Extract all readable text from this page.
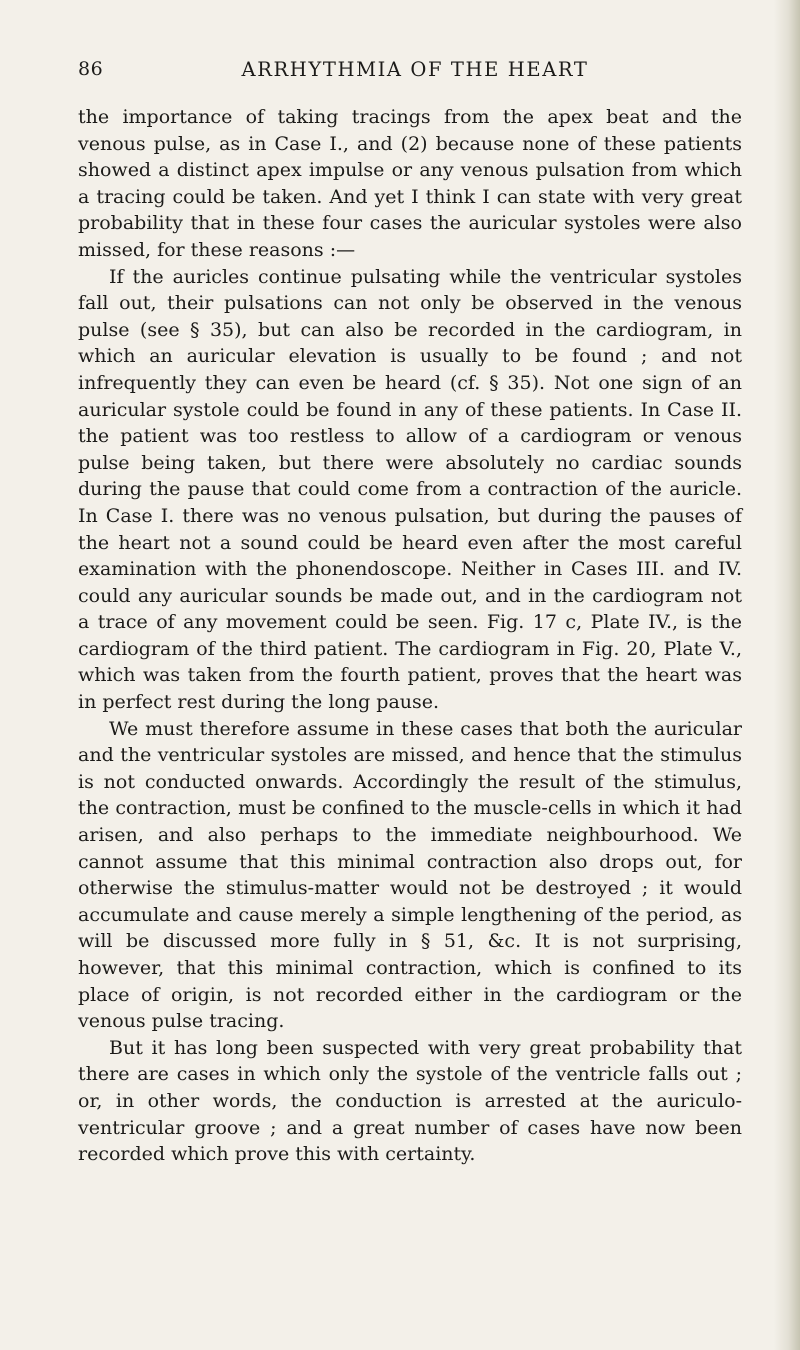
86	ARRHYTHMIA OF THE HEART

the importance of taking tracings from the apex beat and the venous pulse, as in Case I., and (2) because none of these patients showed a distinct apex impulse or any venous pulsation from which a tracing could be taken. And yet I think I can state with very great probability that in these four cases the auricular systoles were also missed, for these reasons :—

If the auricles continue pulsating while the ventricular systoles fall out, their pulsations can not only be observed in the venous pulse (see § 35), but can also be recorded in the cardiogram, in which an auricular elevation is usually to be found ; and not infrequently they can even be heard (cf. § 35). Not one sign of an auricular systole could be found in any of these patients. In Case II. the patient was too restless to allow of a cardiogram or venous pulse being taken, but there were absolutely no cardiac sounds during the pause that could come from a contraction of the auricle. In Case I. there was no venous pulsation, but during the pauses of the heart not a sound could be heard even after the most careful examination with the phonendoscope. Neither in Cases III. and IV. could any auricular sounds be made out, and in the cardiogram not a trace of any movement could be seen. Fig. 17 c, Plate IV., is the cardiogram of the third patient. The cardiogram in Fig. 20, Plate V., which was taken from the fourth patient, proves that the heart was in perfect rest during the long pause.

We must therefore assume in these cases that both the auricular and the ventricular systoles are missed, and hence that the stimulus is not conducted onwards. Accordingly the result of the stimulus, the contraction, must be confined to the muscle-cells in which it had arisen, and also perhaps to the immediate neighbourhood. We cannot assume that this minimal contraction also drops out, for otherwise the stimulus-matter would not be destroyed ; it would accumulate and cause merely a simple lengthening of the period, as will be discussed more fully in § 51, &c. It is not surprising, however, that this minimal contraction, which is confined to its place of origin, is not recorded either in the cardiogram or the venous pulse tracing.

But it has long been suspected with very great probability that there are cases in which only the systole of the ventricle falls out ; or, in other words, the conduction is arrested at the auriculo-ventricular groove ; and a great number of cases have now been recorded which prove this with certainty.
